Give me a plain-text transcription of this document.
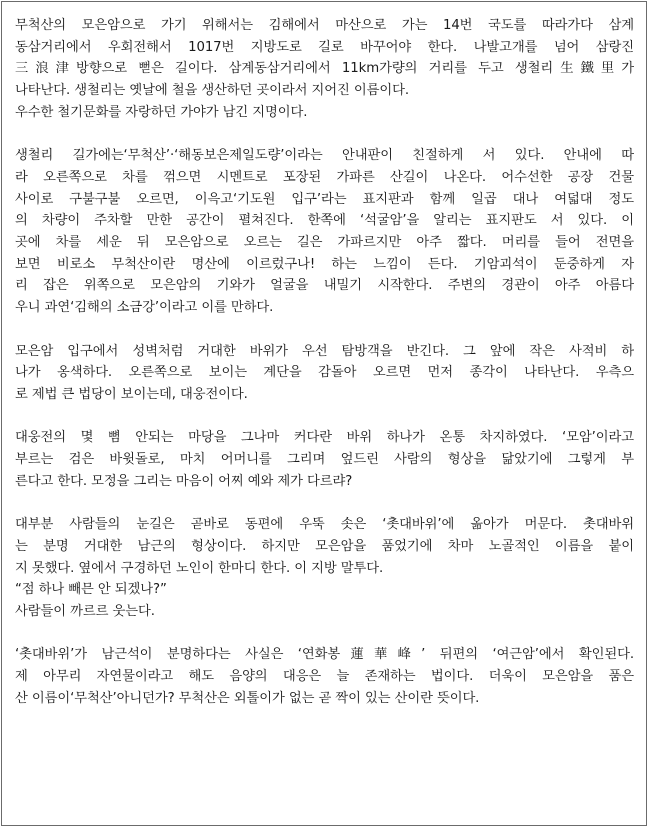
무척산의 모은암으로 가기 위해서는 김해에서 마산으로 가는 14번 국도를 따라가다 삼계
동삼거리에서 우회전해서 1017번 지방도로 길로 바꾸어야 한다. 나발고개를 넘어 삼랑진
三浪津방향으로 뻗은 길이다. 삼계동삼거리에서 11km가량의 거리를 두고 생철리生鐵里가
나타난다. 생철리는 옛날에 철을 생산하던 곳이라서 지어진 이름이다.
우수한 철기문화를 자랑하던 가야가 남긴 지명이다.

생철리 길가에는‘무척산’·‘해동보은제일도량’이라는 안내판이 친절하게 서 있다. 안내에 따
라 오른쪽으로 차를 꺾으면 시멘트로 포장된 가파른 산길이 나온다. 어수선한 공장 건물
사이로 구불구불 오르면, 이윽고‘기도원 입구’라는 표지판과 함께 일곱 대나 여덟대 정도
의 차량이 주차할 만한 공간이 펼쳐진다. 한쪽에 ‘석굴암’을 알리는 표지판도 서 있다. 이
곳에 차를 세운 뒤 모은암으로 오르는 길은 가파르지만 아주 짧다. 머리를 들어 전면을
보면 비로소 무척산이란 명산에 이르렀구나! 하는 느낌이 든다. 기암괴석이 둔중하게 자
리 잡은 위쪽으로 모은암의 기와가 얼굴을 내밀기 시작한다. 주변의 경관이 아주 아름다
우니 과연‘김해의 소금강’이라고 이를 만하다.

모은암 입구에서 성벽처럼 거대한 바위가 우선 탐방객을 반긴다. 그 앞에 작은 사적비 하
나가 옹색하다. 오른쪽으로 보이는 계단을 감돌아 오르면 먼저 종각이 나타난다. 우측으
로 제법 큰 법당이 보이는데, 대웅전이다.

대웅전의 몇 뼘 안되는 마당을 그나마 커다란 바위 하나가 온통 차지하였다. ‘모암’이라고
부르는 검은 바윗돌로, 마치 어머니를 그리며 엎드린 사람의 형상을 닮았기에 그렇게 부
른다고 한다. 모정을 그리는 마음이 어찌 예와 제가 다르랴?

대부분 사람들의 눈길은 곧바로 동편에 우뚝 솟은 ‘촛대바위’에 옮아가 머문다. 촛대바위
는 분명 거대한 남근의 형상이다. 하지만 모은암을 품었기에 차마 노골적인 이름을 붙이
지 못했다. 옆에서 구경하던 노인이 한마디 한다. 이 지방 말투다.
“점 하나 빼믄 안 되겠나?”
사람들이 까르르 웃는다.

‘촛대바위’가 남근석이 분명하다는 사실은 ‘연화봉蓮華峰’ 뒤편의 ‘여근암’에서 확인된다.
제 아무리 자연물이라고 해도 음양의 대응은 늘 존재하는 법이다. 더욱이 모은암을 품은
산 이름이‘무척산’아니던가? 무척산은 외톨이가 없는 곧 짝이 있는 산이란 뜻이다.
